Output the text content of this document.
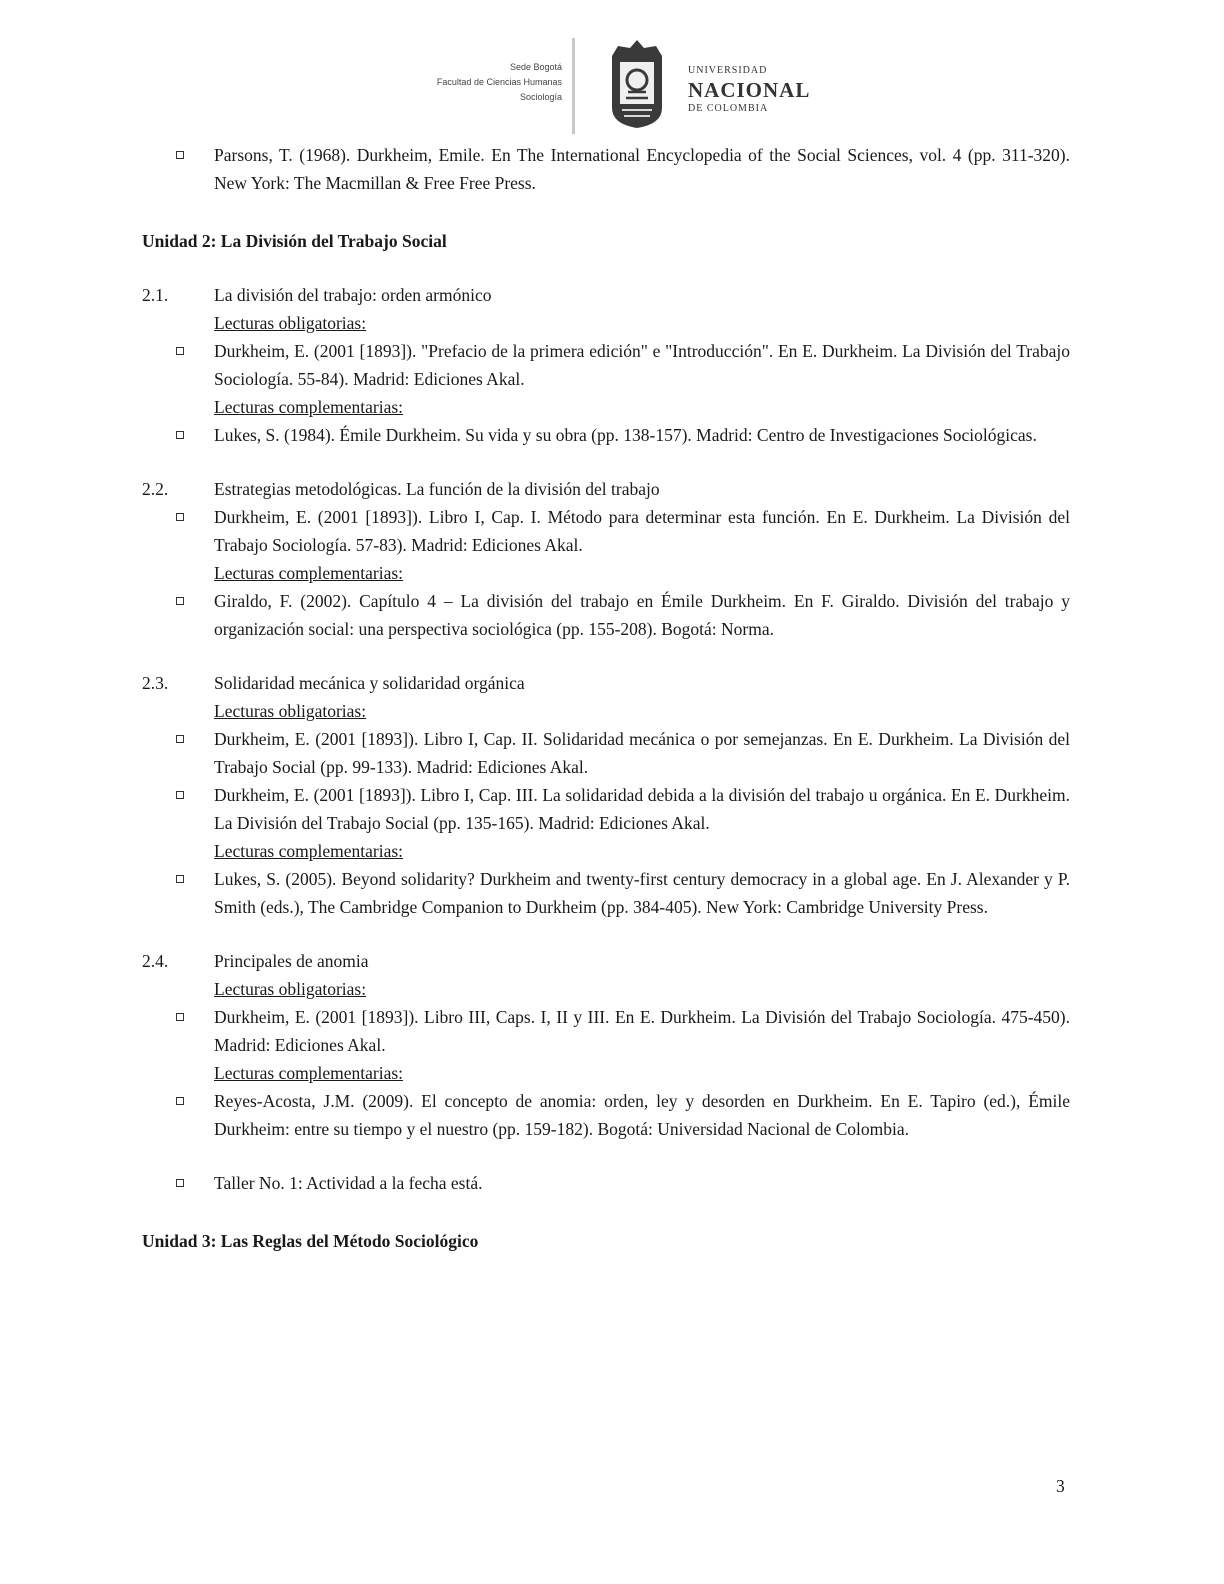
Sede Bogotá
Facultad de Ciencias Humanas
Sociología
UNIVERSIDAD
NACIONAL
DE COLOMBIA
Parsons, T. (1968). Durkheim, Emile. En The International Encyclopedia of the Social Sciences, vol. 4 (pp. 311-320). New York: The Macmillan & Free Free Press.
Unidad 2: La División del Trabajo Social
2.1.	La división del trabajo: orden armónico
Lecturas obligatorias:
Durkheim, E. (2001 [1893]). "Prefacio de la primera edición" e "Introducción". En E. Durkheim. La División del Trabajo Sociología. 55-84). Madrid: Ediciones Akal.
Lecturas complementarias:
Lukes, S. (1984). Émile Durkheim. Su vida y su obra (pp. 138-157). Madrid: Centro de Investigaciones Sociológicas.
2.2.	Estrategias metodológicas. La función de la división del trabajo
Durkheim, E. (2001 [1893]). Libro I, Cap. I. Método para determinar esta función. En E. Durkheim. La División del Trabajo Sociología. 57-83). Madrid: Ediciones Akal.
Lecturas complementarias:
Giraldo, F. (2002). Capítulo 4 – La división del trabajo en Émile Durkheim. En F. Giraldo. División del trabajo y organización social: una perspectiva sociológica (pp. 155-208). Bogotá: Norma.
2.3.	Solidaridad mecánica y solidaridad orgánica
Lecturas obligatorias:
Durkheim, E. (2001 [1893]). Libro I, Cap. II. Solidaridad mecánica o por semejanzas. En E. Durkheim. La División del Trabajo Social (pp. 99-133). Madrid: Ediciones Akal.
Durkheim, E. (2001 [1893]). Libro I, Cap. III. La solidaridad debida a la división del trabajo u orgánica. En E. Durkheim. La División del Trabajo Social (pp. 135-165). Madrid: Ediciones Akal.
Lecturas complementarias:
Lukes, S. (2005). Beyond solidarity? Durkheim and twenty-first century democracy in a global age. En J. Alexander y P. Smith (eds.), The Cambridge Companion to Durkheim (pp. 384-405). New York: Cambridge University Press.
2.4.	Principales de anomia
Lecturas obligatorias:
Durkheim, E. (2001 [1893]). Libro III, Caps. I, II y III. En E. Durkheim. La División del Trabajo Sociología. 475-450). Madrid: Ediciones Akal.
Lecturas complementarias:
Reyes-Acosta, J.M. (2009). El concepto de anomia: orden, ley y desorden en Durkheim. En E. Tapiro (ed.), Émile Durkheim: entre su tiempo y el nuestro (pp. 159-182). Bogotá: Universidad Nacional de Colombia.
Taller No. 1: Actividad a la fecha está.
Unidad 3: Las Reglas del Método Sociológico
3
